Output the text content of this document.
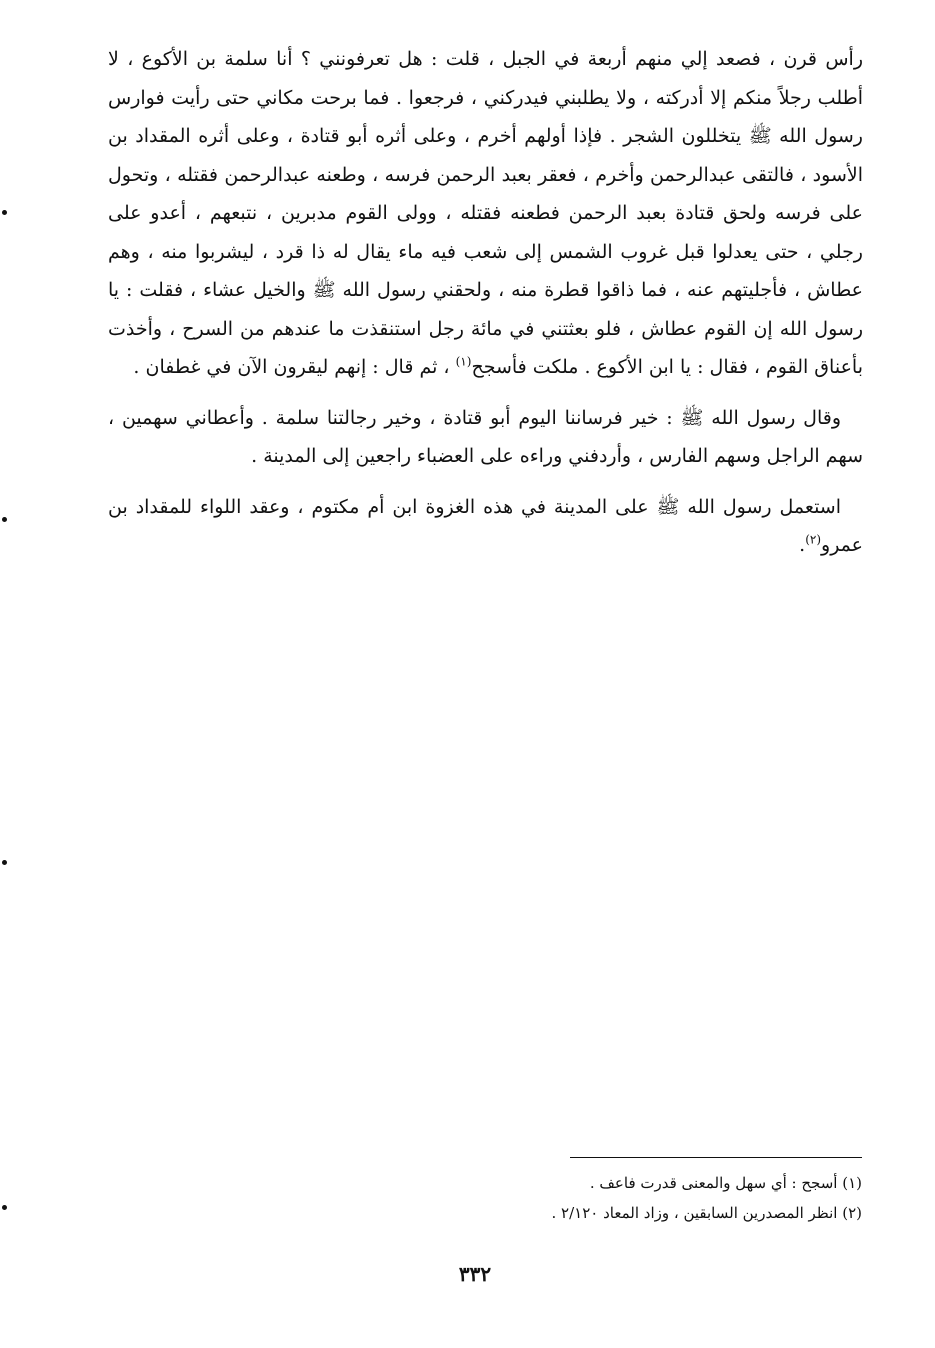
رأس قرن ، فصعد إلي منهم أربعة في الجبل ، قلت : هل تعرفونني ؟ أنا سلمة بن الأكوع ، لا أطلب رجلاً منكم إلا أدركته ، ولا يطلبني فيدركني ، فرجعوا . فما برحت مكاني حتى رأيت فوارس رسول الله ﷺ يتخللون الشجر . فإذا أولهم أخرم ، وعلى أثره أبو قتادة ، وعلى أثره المقداد بن الأسود ، فالتقى عبدالرحمن وأخرم ، فعقر بعبد الرحمن فرسه ، وطعنه عبدالرحمن فقتله ، وتحول على فرسه ولحق قتادة بعبد الرحمن فطعنه فقتله ، وولى القوم مدبرين ، نتبعهم ، أعدو على رجلي ، حتى يعدلوا قبل غروب الشمس إلى شعب فيه ماء يقال له ذا قرد ، ليشربوا منه ، وهم عطاش ، فأجليتهم عنه ، فما ذاقوا قطرة منه ، ولحقني رسول الله ﷺ والخيل عشاء ، فقلت : يا رسول الله إن القوم عطاش ، فلو بعثتني في مائة رجل استنقذت ما عندهم من السرح ، وأخذت بأعناق القوم ، فقال : يا ابن الأكوع . ملكت فأسجح$^{(١)}$ ، ثم قال : إنهم ليقرون الآن في غطفان .

وقال رسول الله ﷺ : خير فرساننا اليوم أبو قتادة ، وخير رجالتنا سلمة . وأعطاني سهمين ، سهم الراجل وسهم الفارس ، وأردفني وراءه على العضباء راجعين إلى المدينة .

استعمل رسول الله ﷺ على المدينة في هذه الغزوة ابن أم مكتوم ، وعقد اللواء للمقداد بن عمرو$^{(٢)}$.

(١) أسجح : أي سهل والمعنى قدرت فاعف .

(٢) انظر المصدرين السابقين ، وزاد المعاد ٢/١٢٠ .

٣٣٢
